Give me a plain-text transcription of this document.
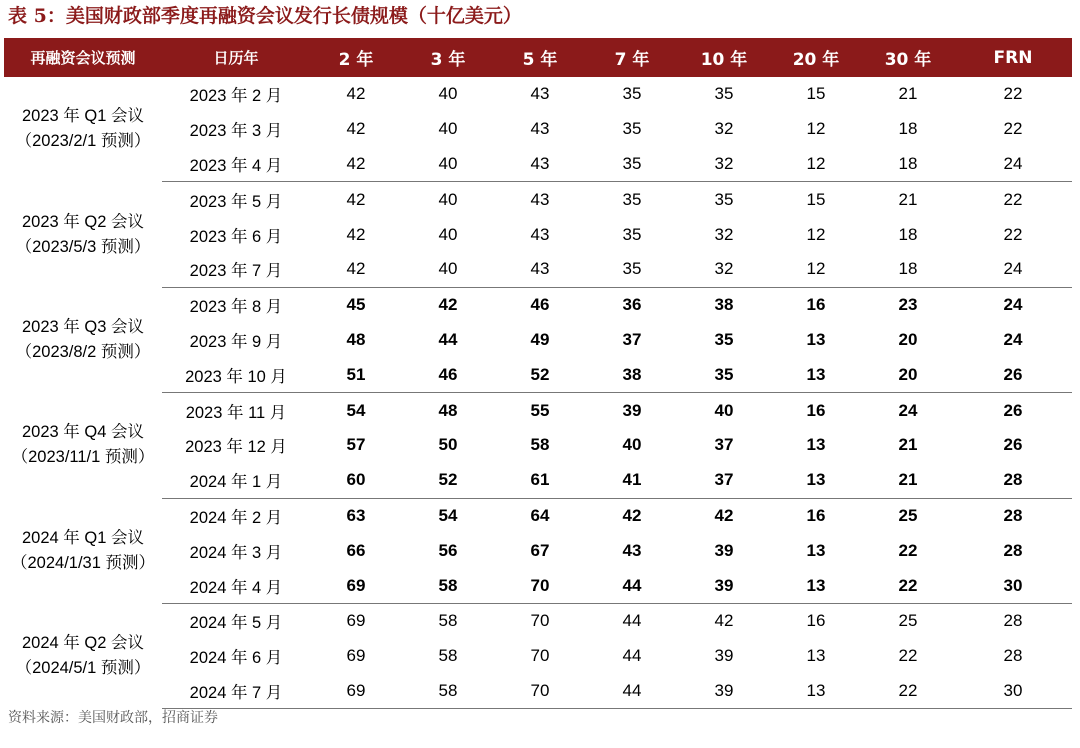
表 5：美国财政部季度再融资会议发行长债规模（十亿美元）
再融资会议预测	日历年	2 年	3 年	5 年	7 年	10 年	20 年	30 年	FRN

2023 年 Q1 会议
（2023/2/1 预测）	2023 年 2 月	42	40	43	35	35	15	21	22
	2023 年 3 月	42	40	43	35	32	12	18	22
	2023 年 4 月	42	40	43	35	32	12	18	24

2023 年 Q2 会议
（2023/5/3 预测）	2023 年 5 月	42	40	43	35	35	15	21	22
	2023 年 6 月	42	40	43	35	32	12	18	22
	2023 年 7 月	42	40	43	35	32	12	18	24

2023 年 Q3 会议
（2023/8/2 预测）	2023 年 8 月	45	42	46	36	38	16	23	24
	2023 年 9 月	48	44	49	37	35	13	20	24
	2023 年 10 月	51	46	52	38	35	13	20	26

2023 年 Q4 会议
（2023/11/1 预测）	2023 年 11 月	54	48	55	39	40	16	24	26
	2023 年 12 月	57	50	58	40	37	13	21	26
	2024 年 1 月	60	52	61	41	37	13	21	28

2024 年 Q1 会议
（2024/1/31 预测）	2024 年 2 月	63	54	64	42	42	16	25	28
	2024 年 3 月	66	56	67	43	39	13	22	28
	2024 年 4 月	69	58	70	44	39	13	22	30

2024 年 Q2 会议
（2024/5/1 预测）	2024 年 5 月	69	58	70	44	42	16	25	28
	2024 年 6 月	69	58	70	44	39	13	22	28
	2024 年 7 月	69	58	70	44	39	13	22	30
资料来源：美国财政部，招商证券
